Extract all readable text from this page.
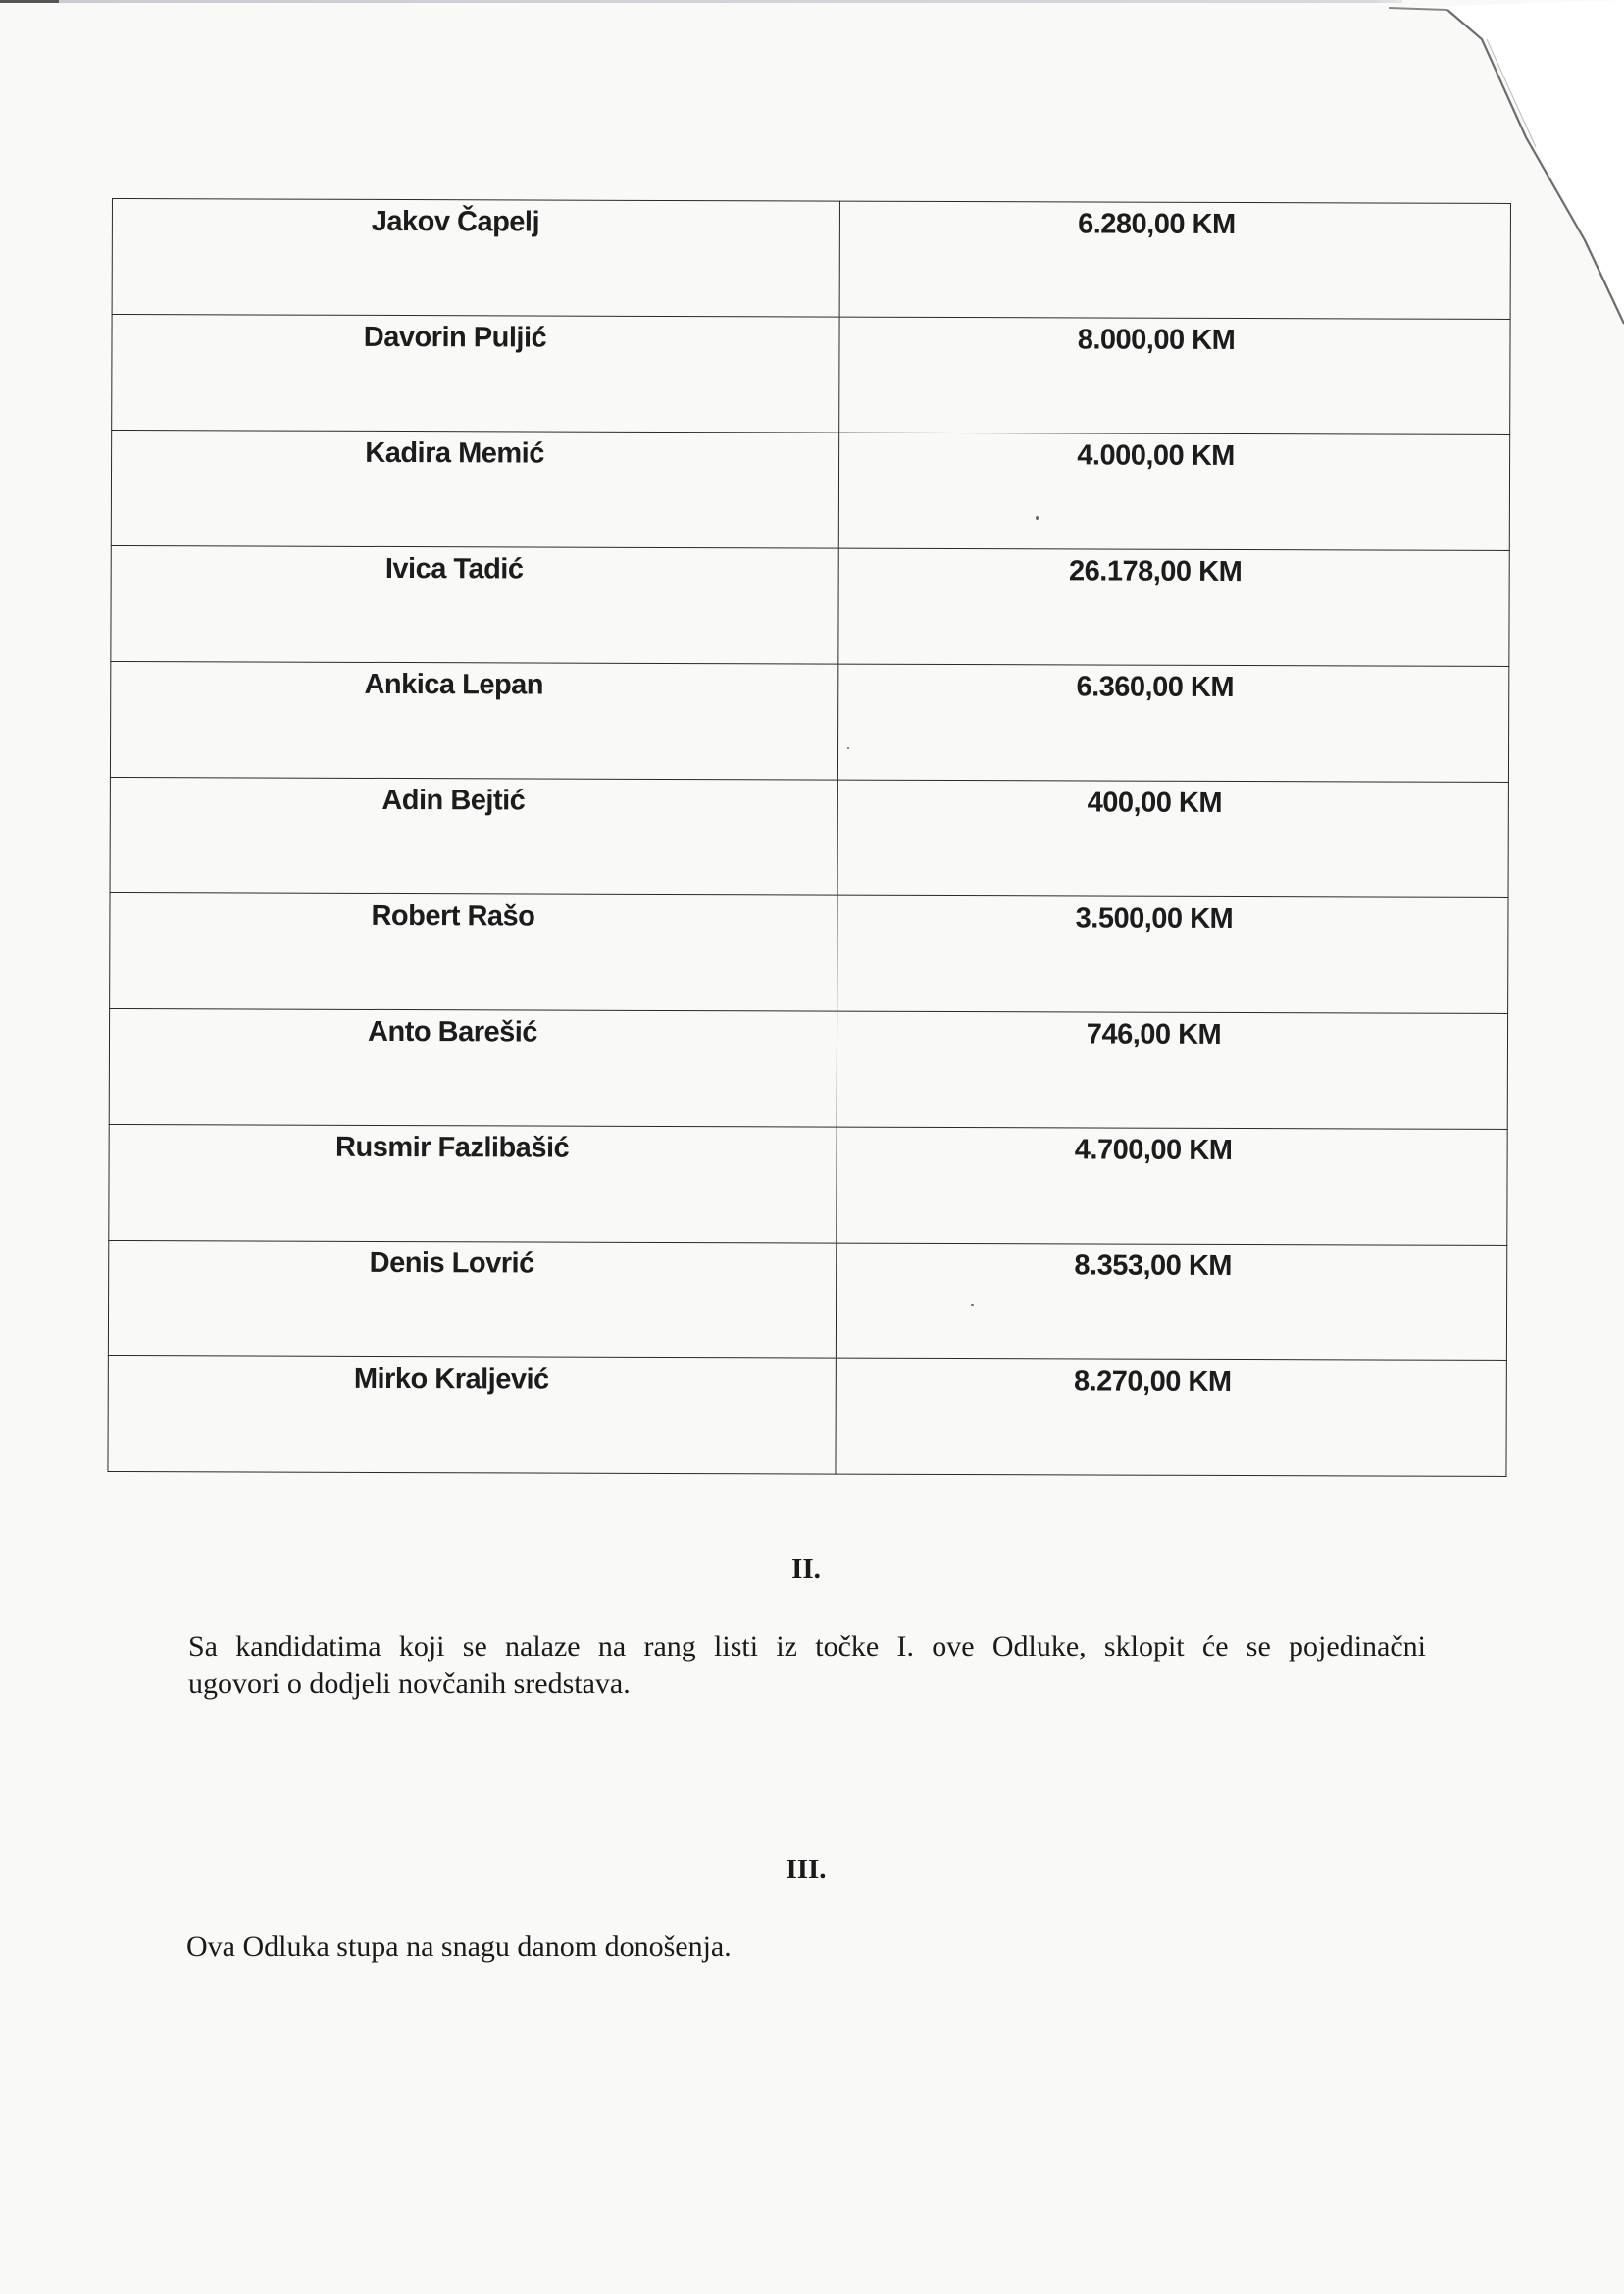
Jakov Čapelj	6.280,00 KM
Davorin Puljić	8.000,00 KM
Kadira Memić	4.000,00 KM
Ivica Tadić	26.178,00 KM
Ankica Lepan	6.360,00 KM
Adin Bejtić	400,00 KM
Robert Rašo	3.500,00 KM
Anto Barešić	746,00 KM
Rusmir Fazlibašić	4.700,00 KM
Denis Lovrić	8.353,00 KM
Mirko Kraljević	8.270,00 KM
II.
Sa kandidatima koji se nalaze na rang listi iz točke I. ove Odluke, sklopit će se pojedinačni
ugovori o dodjeli novčanih sredstava.
III.
Ova Odluka stupa na snagu danom donošenja.
